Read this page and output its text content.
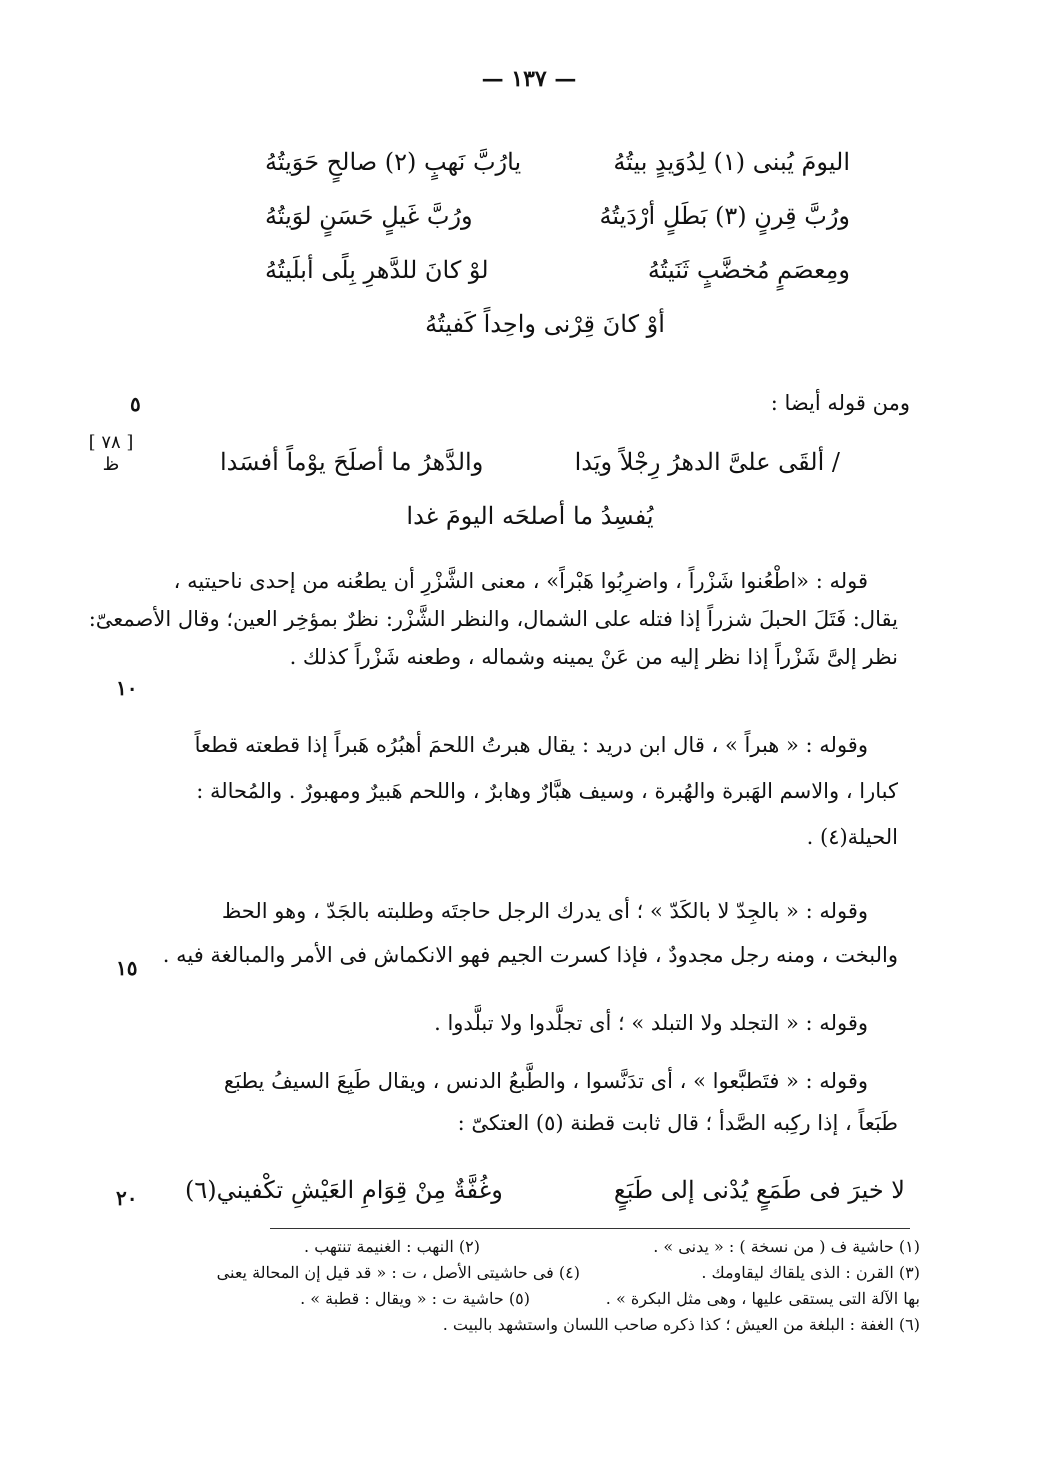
— ١٣٧ —
اليومَ يُبنى (١) لِدُوَيدٍ بيتُهُ
يارُبَّ نَهبٍ (٢) صالحٍ حَوَيتُهُ
ورُبَّ قِرنٍ (٣) بَطَلٍ أرْدَيتُهُ
ورُبَّ غَيلٍ حَسَنٍ لوَيتُهُ
ومِعصَمٍ مُخضَّبٍ ثَنَيتُهُ
لوْ كانَ للدَّهرِ بِلًى أبلَيتُهُ
أوْ كانَ قِرْنى واحِداً كَفيتُهُ
ومن قوله أيضا :
٥
[ ٧٨ ]
ظ	/ ألقَى علىَّ الدهرُ رِجْلاً ويَدا
والدَّهرُ ما أصلَحَ يوْماً أفسَدا
يُفسِدُ ما أصلحَه اليومَ غدا
قوله : «اطْعُنوا شَزْراً ، واضرِبُوا هَبْراً» ، معنى الشَّزْرِ أن يطعُنه من إحدى ناحيتيه ،
يقال: فَتَلَ الحبلَ شزراً إذا فتله على الشمال، والنظر الشَّزْر: نظرٌ بمؤخِر العين؛ وقال الأصمعىّ:
نظر إلىَّ شَزْراً إذا نظر إليه من عَنْ يمينه وشماله ، وطعنه شَزْراً كذلك .
١٠
وقوله : « هبراً » ، قال ابن دريد : يقال هبرتُ اللحمَ أهبُرُه هَبراً إذا قطعته قطعاً
كبارا ، والاسم الهَبرة والهُبرة ، وسيف هبَّارٌ وهابرٌ ، واللحم هَبيرٌ ومهبورٌ . والمُحالة :
الحيلة(٤) .
وقوله : « بالجِدّ لا بالكَدّ » ؛ أى يدرك الرجل حاجتَه وطلبته بالجَدّ ، وهو الحظ
والبخت ، ومنه رجل مجدودٌ ، فإذا كسرت الجيم فهو الانكماش فى الأمر والمبالغة فيه .
١٥
وقوله : « التجلد ولا التبلد » ؛ أى تجلَّدوا ولا تبلَّدوا .
وقوله : « فتَطبَّعوا » ، أى تدَنَّسوا ، والطَّبعُ الدنس ، ويقال طَبِعَ السيفُ يطبَع
طَبَعاً ، إذا ركِبه الصَّدأ ؛ قال ثابت قطنة (٥) العتكىّ :
لا خيرَ فى طَمَعٍ يُدْنى إلى طَبَعٍ
وغُفَّةٌ مِنْ قِوَامِ العَيْشِ تكْفيني(٦)
٢٠
(١) حاشية ف ( من نسخة ) : « يدنى » .
(٢) النهب : الغنيمة تنتهب .
(٣) القرن : الذى يلقاك ليقاومك .
(٤) فى حاشيتى الأصل ، ت : « قد قيل إن المحالة يعنى
بها الآلة التى يستقى عليها ، وهى مثل البكرة » .
(٥) حاشية ت : « ويقال : قطبة » .
(٦) الغفة : البلغة من العيش ؛ كذا ذكره صاحب اللسان واستشهد بالبيت .
